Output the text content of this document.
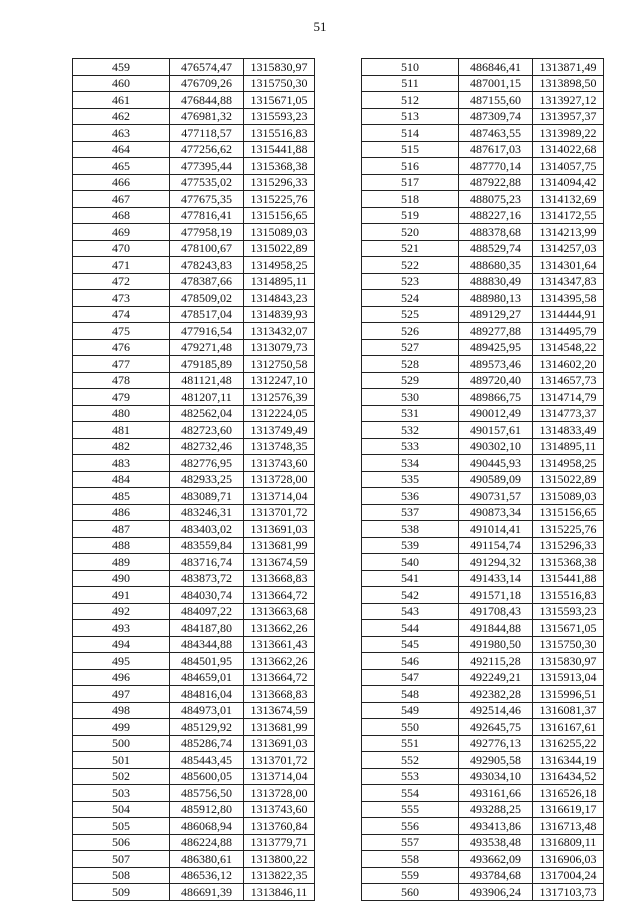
51
459	476574,47	1315830,97
460	476709,26	1315750,30
461	476844,88	1315671,05
462	476981,32	1315593,23
463	477118,57	1315516,83
464	477256,62	1315441,88
465	477395,44	1315368,38
466	477535,02	1315296,33
467	477675,35	1315225,76
468	477816,41	1315156,65
469	477958,19	1315089,03
470	478100,67	1315022,89
471	478243,83	1314958,25
472	478387,66	1314895,11
473	478509,02	1314843,23
474	478517,04	1314839,93
475	477916,54	1313432,07
476	479271,48	1313079,73
477	479185,89	1312750,58
478	481121,48	1312247,10
479	481207,11	1312576,39
480	482562,04	1312224,05
481	482723,60	1313749,49
482	482732,46	1313748,35
483	482776,95	1313743,60
484	482933,25	1313728,00
485	483089,71	1313714,04
486	483246,31	1313701,72
487	483403,02	1313691,03
488	483559,84	1313681,99
489	483716,74	1313674,59
490	483873,72	1313668,83
491	484030,74	1313664,72
492	484097,22	1313663,68
493	484187,80	1313662,26
494	484344,88	1313661,43
495	484501,95	1313662,26
496	484659,01	1313664,72
497	484816,04	1313668,83
498	484973,01	1313674,59
499	485129,92	1313681,99
500	485286,74	1313691,03
501	485443,45	1313701,72
502	485600,05	1313714,04
503	485756,50	1313728,00
504	485912,80	1313743,60
505	486068,94	1313760,84
506	486224,88	1313779,71
507	486380,61	1313800,22
508	486536,12	1313822,35
509	486691,39	1313846,11
510	486846,41	1313871,49
511	487001,15	1313898,50
512	487155,60	1313927,12
513	487309,74	1313957,37
514	487463,55	1313989,22
515	487617,03	1314022,68
516	487770,14	1314057,75
517	487922,88	1314094,42
518	488075,23	1314132,69
519	488227,16	1314172,55
520	488378,68	1314213,99
521	488529,74	1314257,03
522	488680,35	1314301,64
523	488830,49	1314347,83
524	488980,13	1314395,58
525	489129,27	1314444,91
526	489277,88	1314495,79
527	489425,95	1314548,22
528	489573,46	1314602,20
529	489720,40	1314657,73
530	489866,75	1314714,79
531	490012,49	1314773,37
532	490157,61	1314833,49
533	490302,10	1314895,11
534	490445,93	1314958,25
535	490589,09	1315022,89
536	490731,57	1315089,03
537	490873,34	1315156,65
538	491014,41	1315225,76
539	491154,74	1315296,33
540	491294,32	1315368,38
541	491433,14	1315441,88
542	491571,18	1315516,83
543	491708,43	1315593,23
544	491844,88	1315671,05
545	491980,50	1315750,30
546	492115,28	1315830,97
547	492249,21	1315913,04
548	492382,28	1315996,51
549	492514,46	1316081,37
550	492645,75	1316167,61
551	492776,13	1316255,22
552	492905,58	1316344,19
553	493034,10	1316434,52
554	493161,66	1316526,18
555	493288,25	1316619,17
556	493413,86	1316713,48
557	493538,48	1316809,11
558	493662,09	1316906,03
559	493784,68	1317004,24
560	493906,24	1317103,73
